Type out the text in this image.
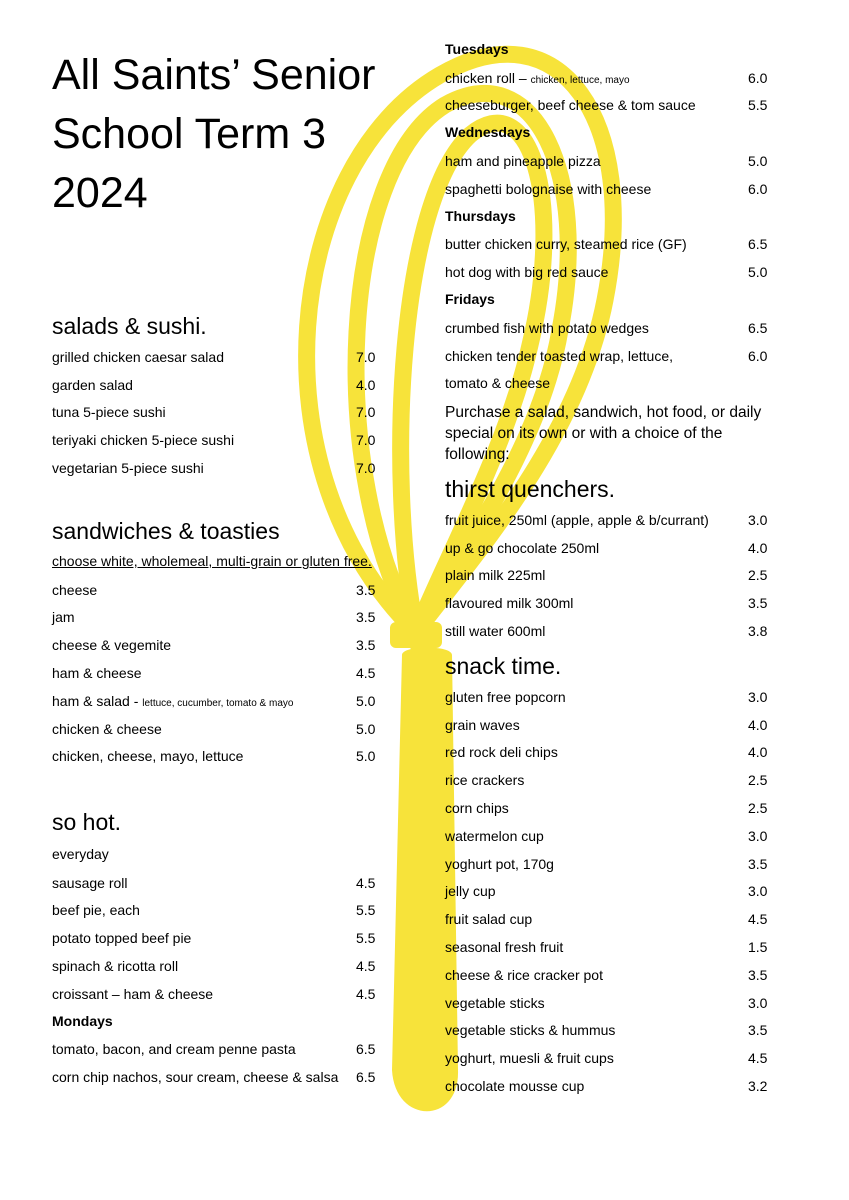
All Saints’ Senior School Term 3 2024
salads & sushi.
grilled chicken caesar salad	7.0
garden salad	4.0
tuna 5-piece sushi	7.0
teriyaki chicken 5-piece sushi	7.0
vegetarian 5-piece sushi	7.0
sandwiches & toasties
choose white, wholemeal, multi-grain or gluten free.
cheese	3.5
jam	3.5
cheese & vegemite	3.5
ham & cheese	4.5
ham & salad - lettuce, cucumber, tomato & mayo	5.0
chicken & cheese	5.0
chicken, cheese, mayo, lettuce	5.0
so hot.
everyday
sausage roll	4.5
beef pie, each	5.5
potato topped beef pie	5.5
spinach & ricotta roll	4.5
croissant – ham & cheese	4.5
Mondays
tomato, bacon, and cream penne pasta	6.5
corn chip nachos, sour cream, cheese & salsa 6.5
Tuesdays
chicken roll – chicken, lettuce, mayo	6.0
cheeseburger, beef cheese & tom sauce	5.5
Wednesdays
ham and pineapple pizza	5.0
spaghetti bolognaise with cheese	6.0
Thursdays
butter chicken curry, steamed rice (GF)	6.5
hot dog with big red sauce	5.0
Fridays
crumbed fish with potato wedges	6.5
chicken tender toasted wrap, lettuce,	6.0
tomato & cheese
Purchase a salad, sandwich, hot food, or daily special on its own or with a choice of the following:
thirst quenchers.
fruit juice, 250ml (apple, apple & b/currant)	3.0
up & go chocolate 250ml	4.0
plain milk 225ml	2.5
flavoured milk 300ml	3.5
still water 600ml	3.8
snack time.
gluten free popcorn	3.0
grain waves	4.0
red rock deli chips	4.0
rice crackers	2.5
corn chips	2.5
watermelon cup	3.0
yoghurt pot, 170g	3.5
jelly cup	3.0
fruit salad cup	4.5
seasonal fresh fruit	1.5
cheese & rice cracker pot	3.5
vegetable sticks	3.0
vegetable sticks & hummus	3.5
yoghurt, muesli & fruit cups	4.5
chocolate mousse cup	3.2
